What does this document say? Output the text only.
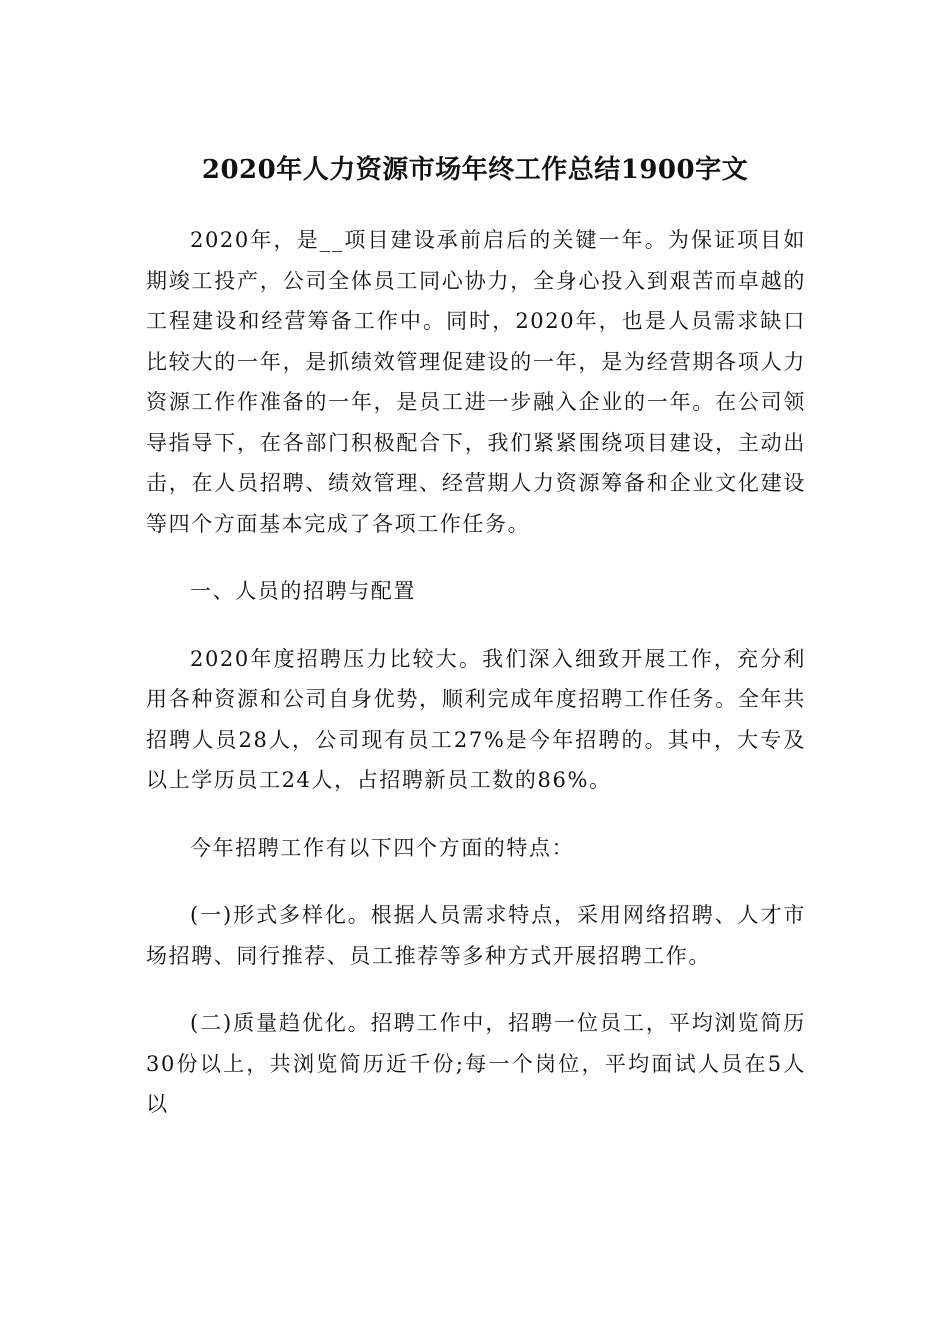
2020年人力资源市场年终工作总结1900字文

2020年，是__项目建设承前启后的关键一年。为保证项目如期竣工投产，公司全体员工同心协力，全身心投入到艰苦而卓越的工程建设和经营筹备工作中。同时，2020年，也是人员需求缺口比较大的一年，是抓绩效管理促建设的一年，是为经营期各项人力资源工作作准备的一年，是员工进一步融入企业的一年。在公司领导指导下，在各部门积极配合下，我们紧紧围绕项目建设，主动出击，在人员招聘、绩效管理、经营期人力资源筹备和企业文化建设等四个方面基本完成了各项工作任务。

一、人员的招聘与配置

2020年度招聘压力比较大。我们深入细致开展工作，充分利用各种资源和公司自身优势，顺利完成年度招聘工作任务。全年共招聘人员28人，公司现有员工27%是今年招聘的。其中，大专及以上学历员工24人，占招聘新员工数的86%。

今年招聘工作有以下四个方面的特点：

(一)形式多样化。根据人员需求特点，采用网络招聘、人才市场招聘、同行推荐、员工推荐等多种方式开展招聘工作。

(二)质量趋优化。招聘工作中，招聘一位员工，平均浏览简历30份以上，共浏览简历近千份;每一个岗位，平均面试人员在5人以
